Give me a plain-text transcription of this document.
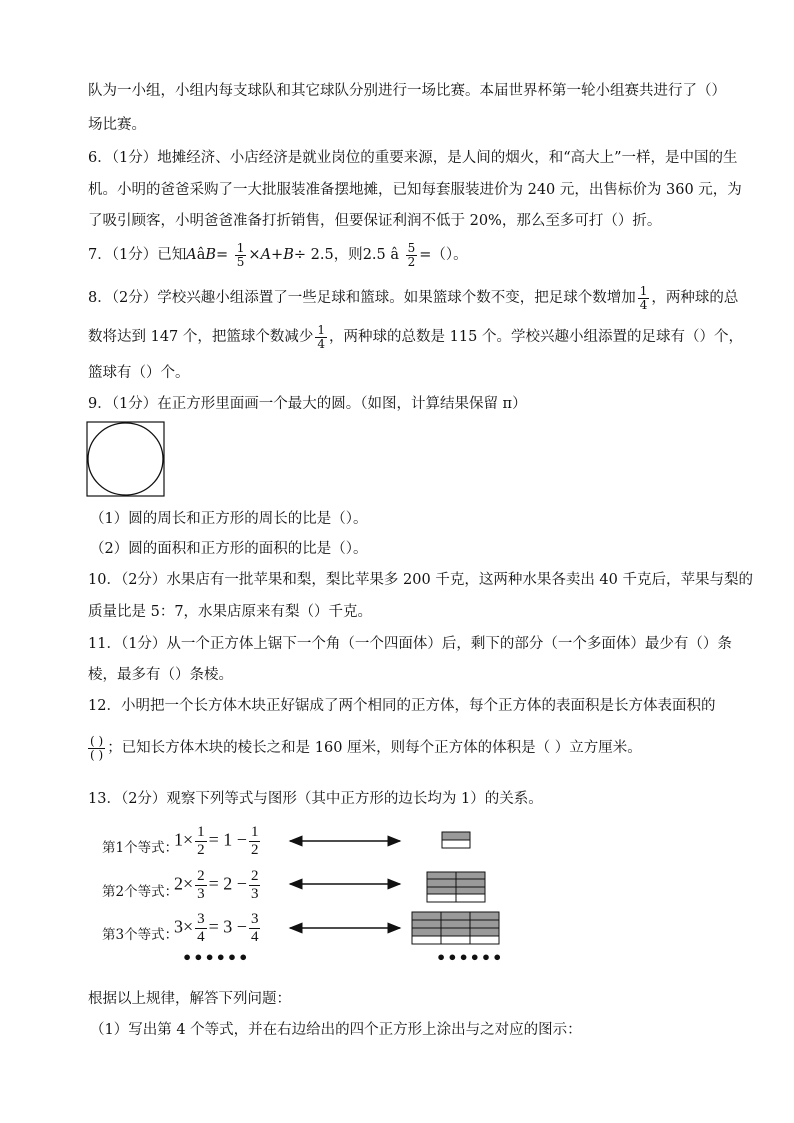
队为一小组，小组内每支球队和其它球队分别进行一场比赛。本届世界杯第一轮小组赛共进行了（）
场比赛。
6．（1分）地摊经济、小店经济是就业岗位的重要来源，是人间的烟火，和“高大上”一样，是中国的生
机。小明的爸爸采购了一大批服装准备摆地摊，已知每套服装进价为 240 元，出售标价为 360 元，为
了吸引顾客，小明爸爸准备打折销售，但要保证利润不低于 20%，那么至多可打（）折。
7．（1分）已知AâB= $\frac{1}{5} \times A+B\div 2.5$，则2.5 â $\frac{5}{2}$ =（）。
8．（2分）学校兴趣小组添置了一些足球和篮球。如果篮球个数不变，把足球个数增加 $\frac{1}{4}$ ，两种球的总
数将达到 147 个，把篮球个数减少 $\frac{1}{4}$ ，两种球的总数是 115 个。学校兴趣小组添置的足球有（）个，
篮球有（）个。
9．（1分）在正方形里面画一个最大的圆。（如图，计算结果保留 π）
（1）圆的周长和正方形的周长的比是（）。
（2）圆的面积和正方形的面积的比是（）。
10．（2分）水果店有一批苹果和梨，梨比苹果多 200 千克，这两种水果各卖出 40 千克后，苹果与梨的
质量比是 5：7，水果店原来有梨（）千克。
11．（1分）从一个正方体上锯下一个角（一个四面体）后，剩下的部分（一个多面体）最少有（）条
棱，最多有（）条棱。
12．小明把一个长方体木块正好锯成了两个相同的正方体，每个正方体的表面积是长方体表面积的
$\frac{( )}{( )}$ ；已知长方体木块的棱长之和是 160 厘米，则每个正方体的体积是（ ）立方厘米。
13．（2分）观察下列等式与图形（其中正方形的边长均为 1）的关系。
第1个等式：
$1\times \frac{1}{2} = 1 - \frac{1}{2}$
第2个等式：
$2\times \frac{2}{3} = 2 - \frac{2}{3}$
第3个等式：
$3\times \frac{3}{4} = 3 - \frac{3}{4}$
••••••	••••••
根据以上规律，解答下列问题：
（1）写出第 4 个等式，并在右边给出的四个正方形上涂出与之对应的图示：
